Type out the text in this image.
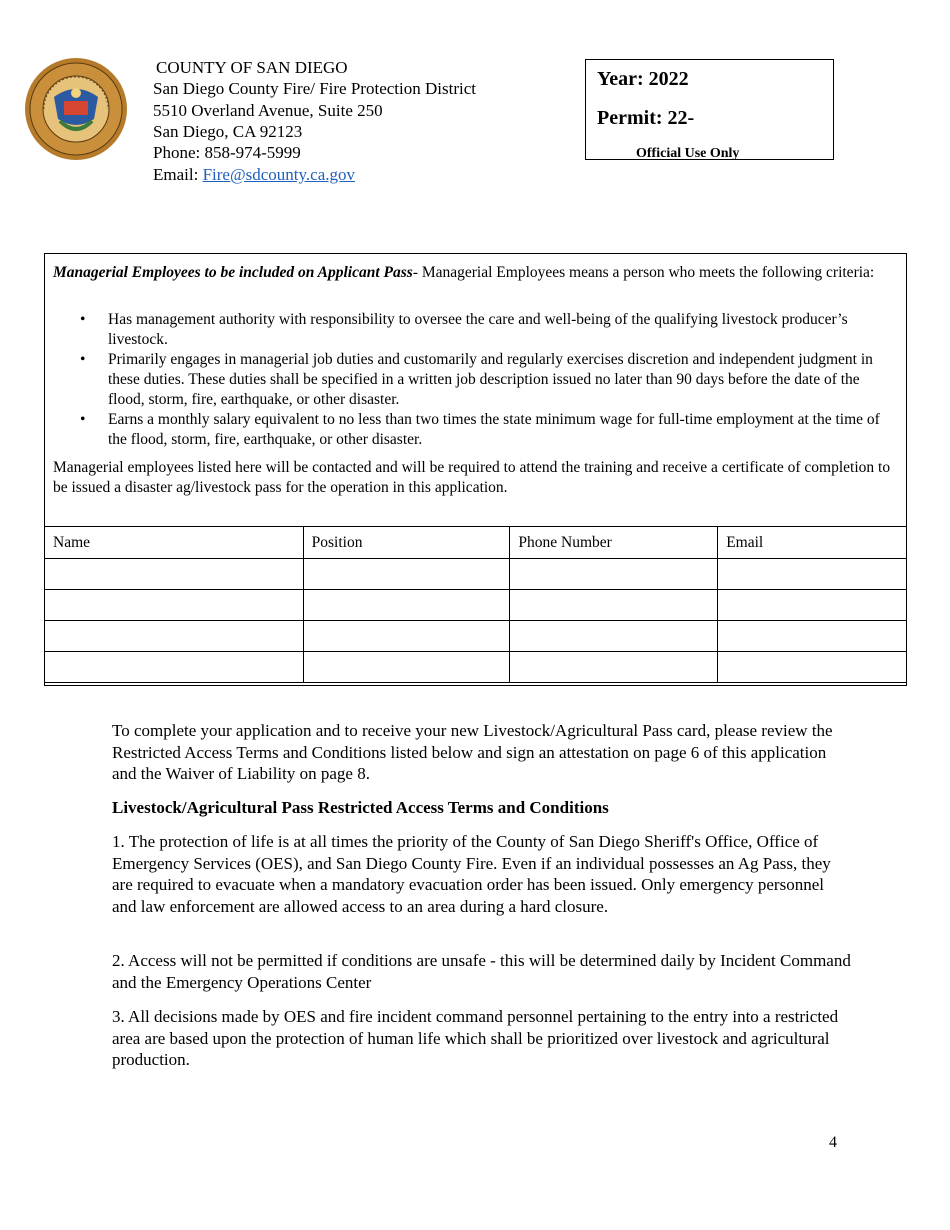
COUNTY OF SAN DIEGO
San Diego County Fire/ Fire Protection District
5510 Overland Avenue, Suite 250
San Diego, CA 92123
Phone: 858-974-5999
Email: Fire@sdcounty.ca.gov
Year: 2022
Permit: 22-
Official Use Only
Managerial Employees to be included on Applicant Pass- Managerial Employees means a person who meets the following criteria:
• Has management authority with responsibility to oversee the care and well-being of the qualifying livestock producer’s livestock.
• Primarily engages in managerial job duties and customarily and regularly exercises discretion and independent judgment in these duties. These duties shall be specified in a written job description issued no later than 90 days before the date of the flood, storm, fire, earthquake, or other disaster.
• Earns a monthly salary equivalent to no less than two times the state minimum wage for full-time employment at the time of the flood, storm, fire, earthquake, or other disaster.
Managerial employees listed here will be contacted and will be required to attend the training and receive a certificate of completion to be issued a disaster ag/livestock pass for the operation in this application.
Name	Position	Phone Number	Email

To complete your application and to receive your new Livestock/Agricultural Pass card, please review the Restricted Access Terms and Conditions listed below and sign an attestation on page 6 of this application and the Waiver of Liability on page 8.
Livestock/Agricultural Pass Restricted Access Terms and Conditions
1. The protection of life is at all times the priority of the County of San Diego Sheriff's Office, Office of Emergency Services (OES), and San Diego County Fire. Even if an individual possesses an Ag Pass, they are required to evacuate when a mandatory evacuation order has been issued. Only emergency personnel and law enforcement are allowed access to an area during a hard closure.
2. Access will not be permitted if conditions are unsafe - this will be determined daily by Incident Command and the Emergency Operations Center
3. All decisions made by OES and fire incident command personnel pertaining to the entry into a restricted area are based upon the protection of human life which shall be prioritized over livestock and agricultural production.
4
